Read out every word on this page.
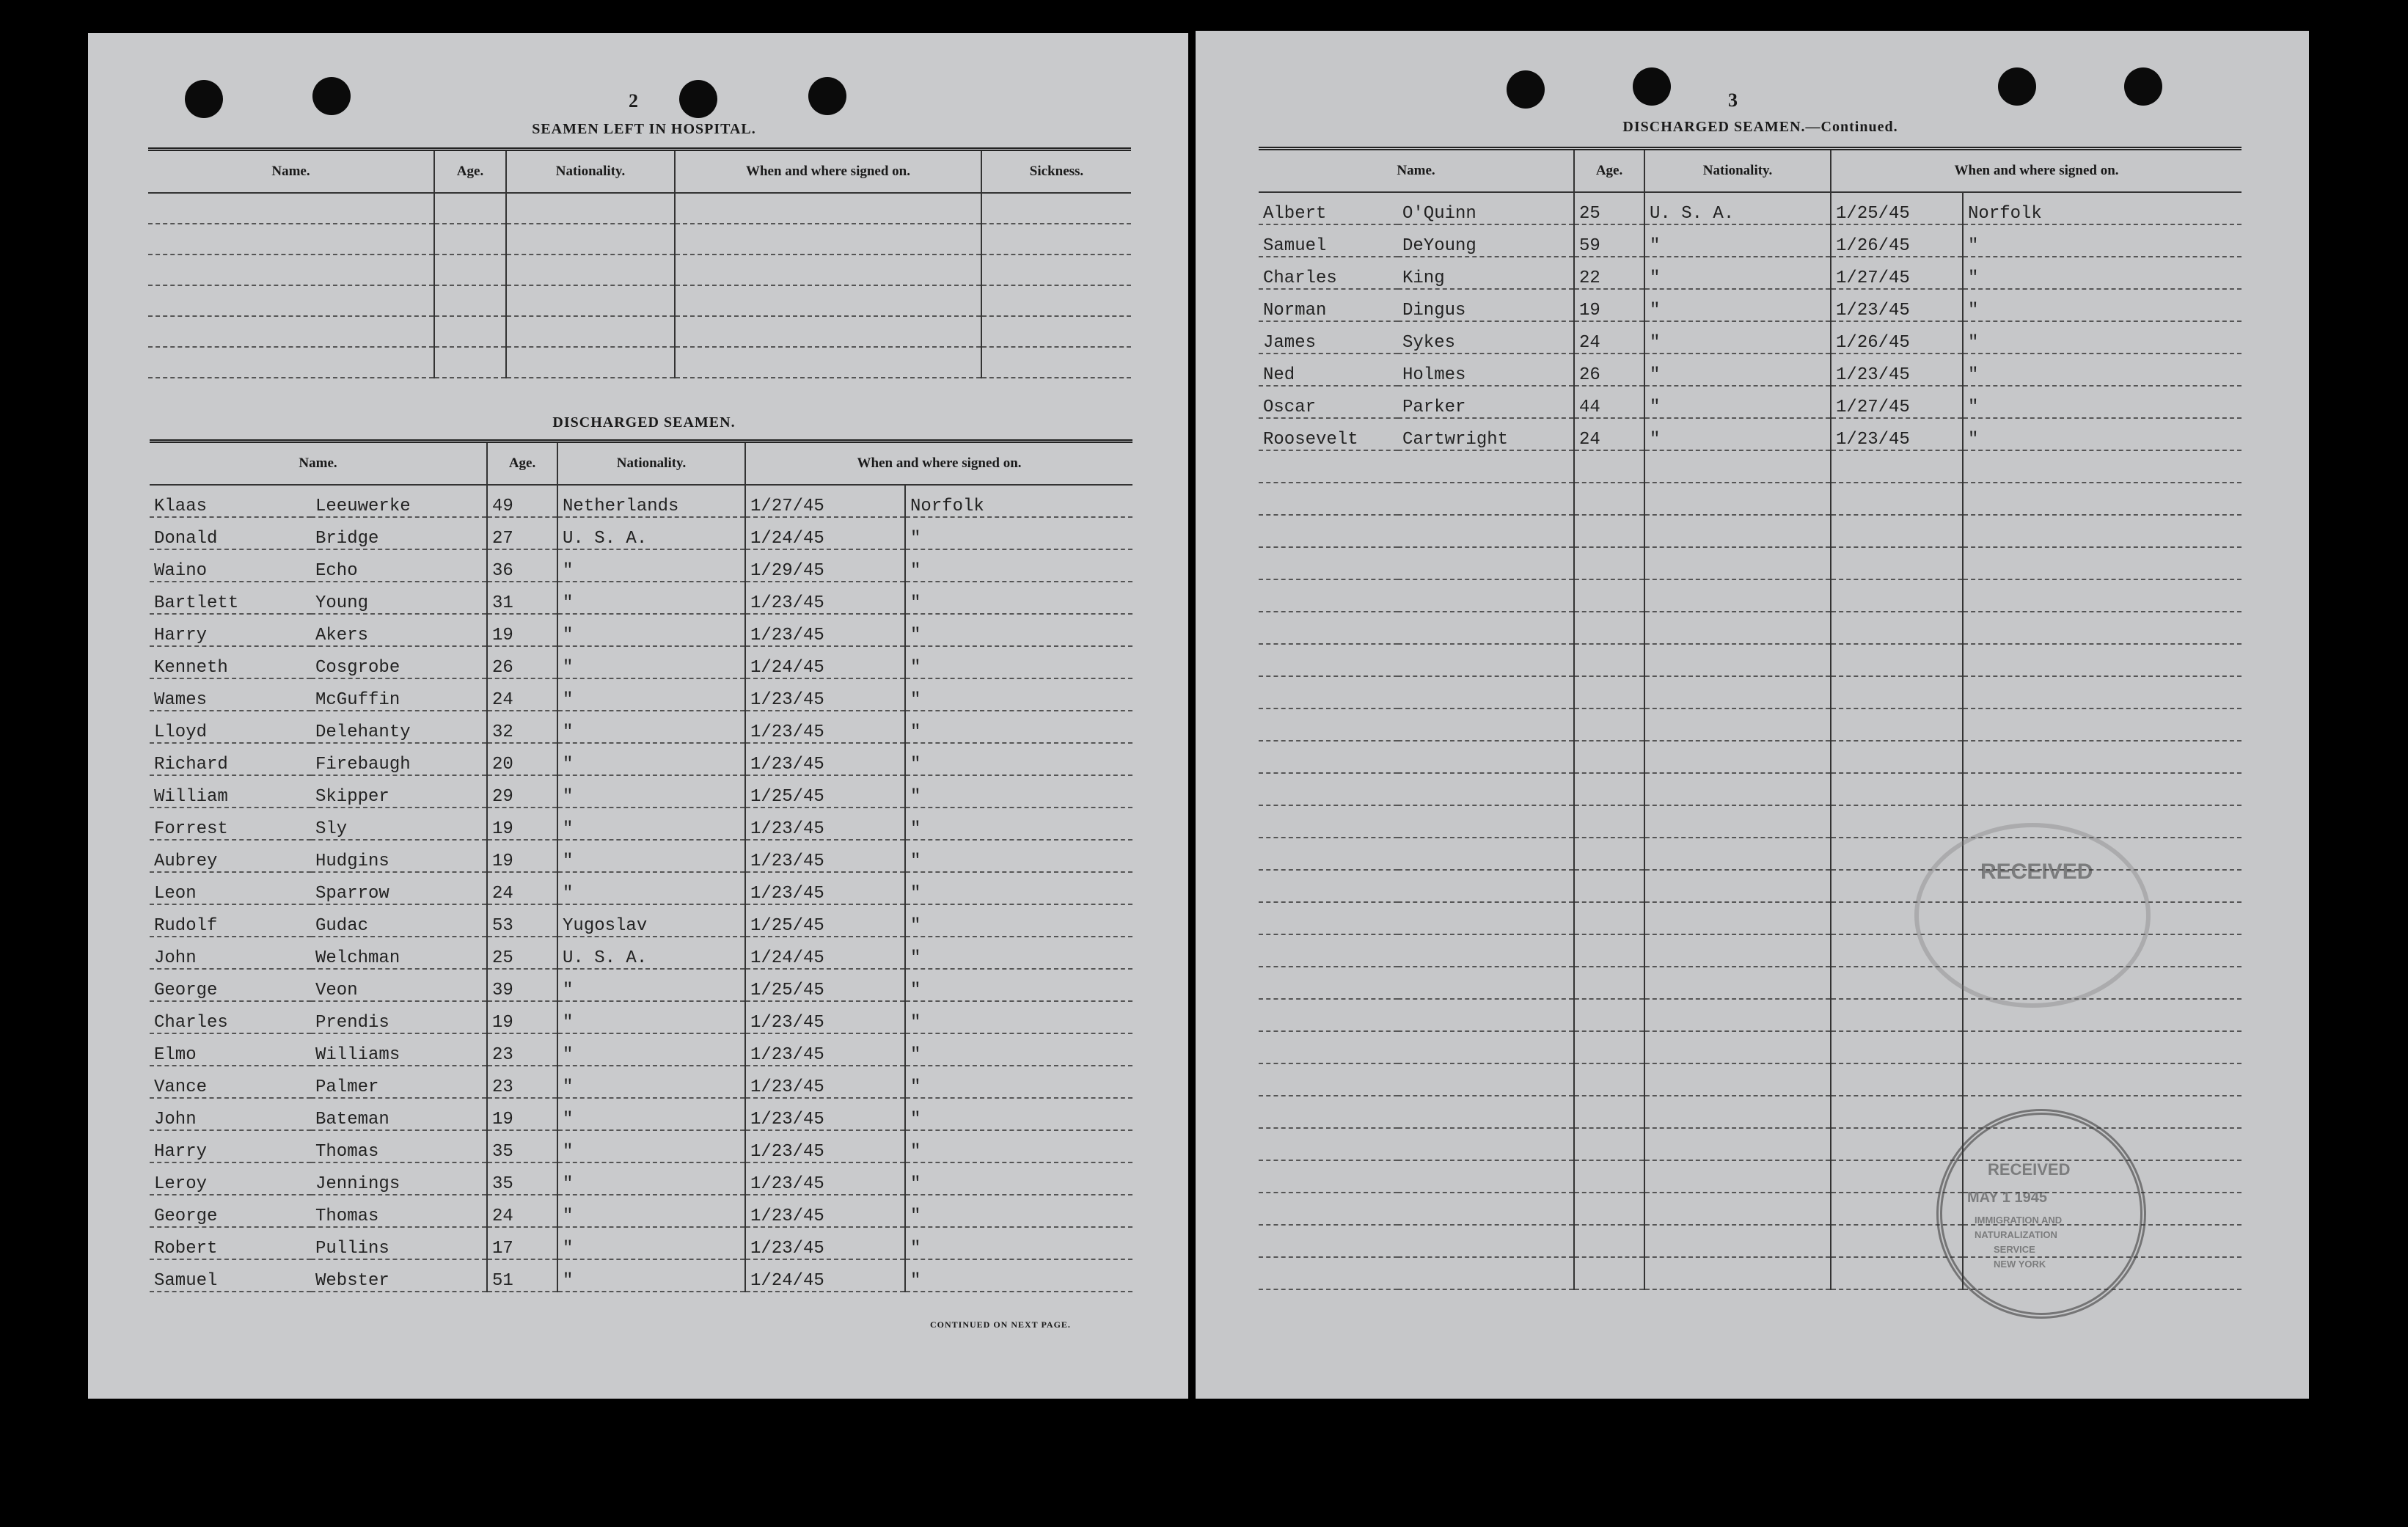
2
SEAMEN LEFT IN HOSPITAL.
Name.	Age.	Nationality.	When and where signed on.	Sickness.

DISCHARGED SEAMEN.
Name.		Age.	Nationality.	When and where signed on.	
Klaas	Leeuwerke	49	Netherlands	1/27/45	Norfolk
Donald	Bridge	27	U. S. A.	1/24/45	"
Waino	Echo	36	"	1/29/45	"
Bartlett	Young	31	"	1/23/45	"
Harry	Akers	19	"	1/23/45	"
Kenneth	Cosgrobe	26	"	1/24/45	"
Wames	McGuffin	24	"	1/23/45	"
Lloyd	Delehanty	32	"	1/23/45	"
Richard	Firebaugh	20	"	1/23/45	"
William	Skipper	29	"	1/25/45	"
Forrest	Sly	19	"	1/23/45	"
Aubrey	Hudgins	19	"	1/23/45	"
Leon	Sparrow	24	"	1/23/45	"
Rudolf	Gudac	53	Yugoslav	1/25/45	"
John	Welchman	25	U. S. A.	1/24/45	"
George	Veon	39	"	1/25/45	"
Charles	Prendis	19	"	1/23/45	"
Elmo	Williams	23	"	1/23/45	"
Vance	Palmer	23	"	1/23/45	"
John	Bateman	19	"	1/23/45	"
Harry	Thomas	35	"	1/23/45	"
Leroy	Jennings	35	"	1/23/45	"
George	Thomas	24	"	1/23/45	"
Robert	Pullins	17	"	1/23/45	"
Samuel	Webster	51	"	1/24/45	"
CONTINUED ON NEXT PAGE.
3
DISCHARGED SEAMEN.—Continued.
Name.		Age.	Nationality.	When and where signed on.	
Albert	O'Quinn	25	U. S. A.	1/25/45	Norfolk
Samuel	DeYoung	59	"	1/26/45	"
Charles	King	22	"	1/27/45	"
Norman	Dingus	19	"	1/23/45	"
James	Sykes	24	"	1/26/45	"
Ned	Holmes	26	"	1/23/45	"
Oscar	Parker	44	"	1/27/45	"
Roosevelt	Cartwright	24	"	1/23/45	"

RECEIVED
RECEIVED
MAY 1 1945
IMMIGRATION AND
NATURALIZATION
SERVICE
NEW YORK
